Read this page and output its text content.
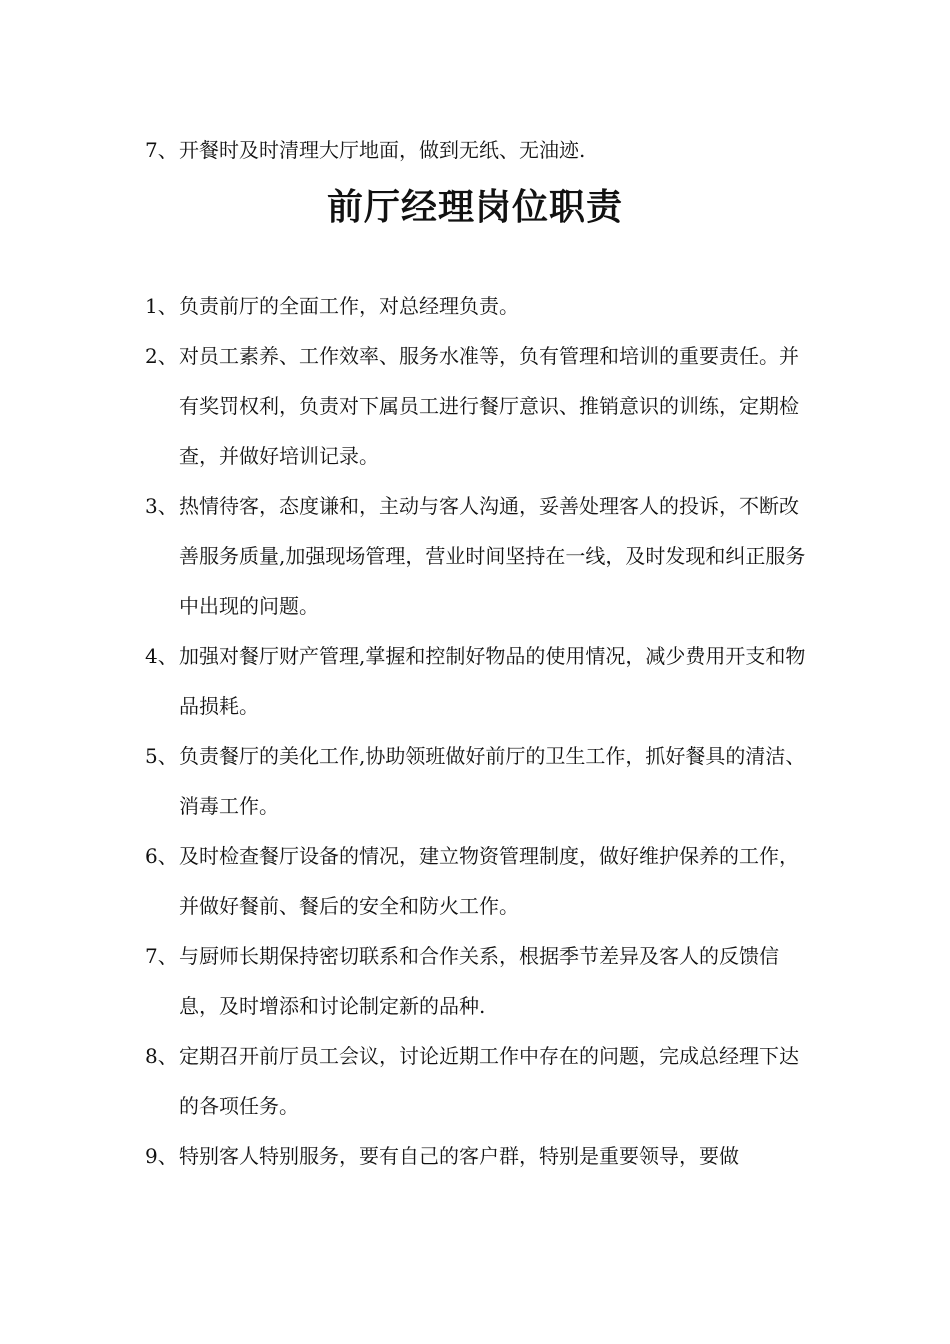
7、 开餐时及时清理大厅地面，做到无纸、无油迹.
前厅经理岗位职责
1、 负责前厅的全面工作，对总经理负责。
2、 对员工素养、工作效率、服务水准等，负有管理和培训的重要责任。并有奖罚权利，负责对下属员工进行餐厅意识、推销意识的训练，定期检查，并做好培训记录。
3、 热情待客，态度谦和，主动与客人沟通，妥善处理客人的投诉，不断改善服务质量,加强现场管理，营业时间坚持在一线，及时发现和纠正服务中出现的问题。
4、 加强对餐厅财产管理,掌握和控制好物品的使用情况，减少费用开支和物品损耗。
5、 负责餐厅的美化工作,协助领班做好前厅的卫生工作，抓好餐具的清洁、消毒工作。
6、 及时检查餐厅设备的情况，建立物资管理制度，做好维护保养的工作，并做好餐前、餐后的安全和防火工作。
7、 与厨师长期保持密切联系和合作关系，根据季节差异及客人的反馈信息，及时增添和讨论制定新的品种.
8、 定期召开前厅员工会议，讨论近期工作中存在的问题，完成总经理下达的各项任务。
9、 特别客人特别服务，要有自己的客户群，特别是重要领导，要做
